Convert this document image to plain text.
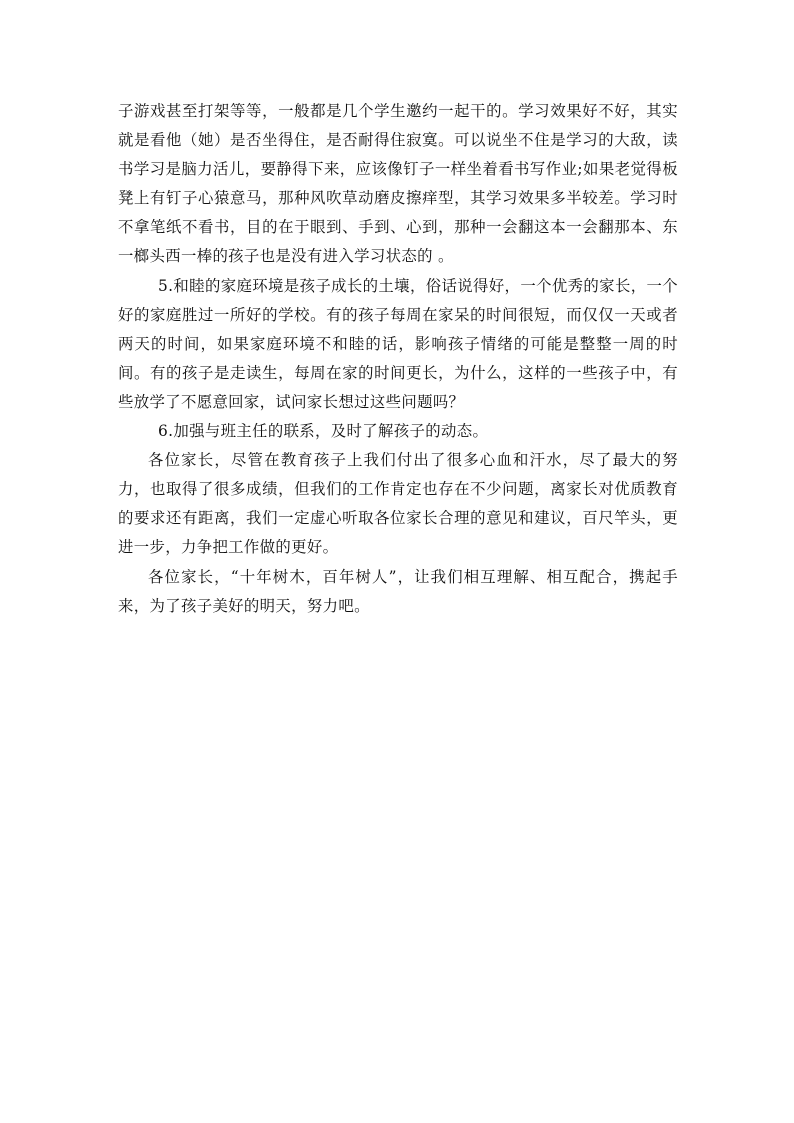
子游戏甚至打架等等，一般都是几个学生邀约一起干的。学习效果好不好，其实就是看他（她）是否坐得住，是否耐得住寂寞。可以说坐不住是学习的大敌，读书学习是脑力活儿，要静得下来，应该像钉子一样坐着看书写作业;如果老觉得板凳上有钉子心猿意马，那种风吹草动磨皮擦痒型，其学习效果多半较差。学习时不拿笔纸不看书，目的在于眼到、手到、心到，那种一会翻这本一会翻那本、东一榔头西一棒的孩子也是没有进入学习状态的 。

5.和睦的家庭环境是孩子成长的土壤，俗话说得好，一个优秀的家长，一个好的家庭胜过一所好的学校。有的孩子每周在家呆的时间很短，而仅仅一天或者两天的时间，如果家庭环境不和睦的话，影响孩子情绪的可能是整整一周的时间。有的孩子是走读生，每周在家的时间更长，为什么，这样的一些孩子中，有些放学了不愿意回家，试问家长想过这些问题吗？

6.加强与班主任的联系，及时了解孩子的动态。

各位家长，尽管在教育孩子上我们付出了很多心血和汗水，尽了最大的努力，也取得了很多成绩，但我们的工作肯定也存在不少问题，离家长对优质教育的要求还有距离，我们一定虚心听取各位家长合理的意见和建议，百尺竿头，更进一步，力争把工作做的更好。

各位家长，“十年树木，百年树人”，让我们相互理解、相互配合，携起手来，为了孩子美好的明天，努力吧。
